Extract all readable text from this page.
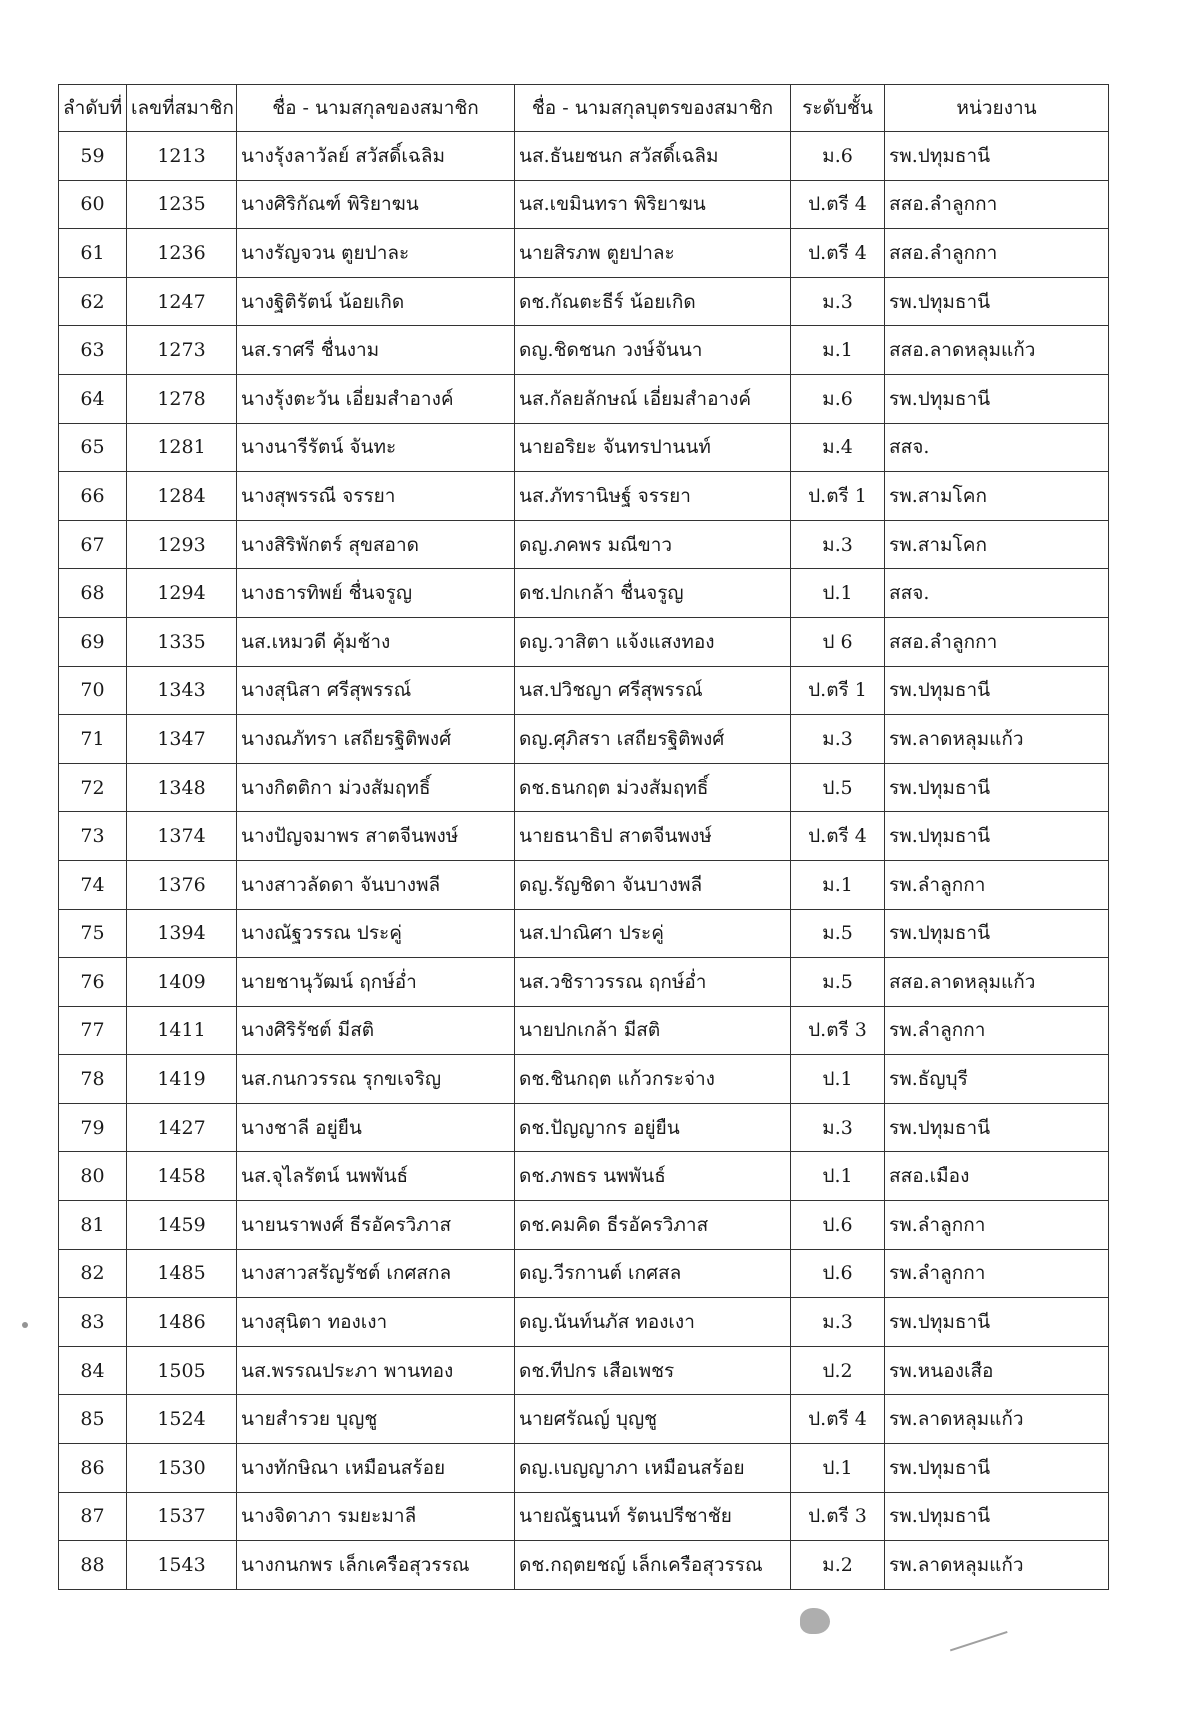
ลำดับที่	เลขที่สมาชิก	ชื่อ - นามสกุลของสมาชิก	ชื่อ - นามสกุลบุตรของสมาชิก	ระดับชั้น	หน่วยงาน
59	1213	นางรุ้งลาวัลย์ สวัสดิ์เฉลิม	นส.ธันยชนก สวัสดิ์เฉลิม	ม.6	รพ.ปทุมธานี
60	1235	นางศิริกัณฑ์ พิริยาฆน	นส.เขมินทรา พิริยาฆน	ป.ตรี 4	สสอ.ลำลูกกา
61	1236	นางรัญจวน ตูยปาละ	นายสิรภพ ตูยปาละ	ป.ตรี 4	สสอ.ลำลูกกา
62	1247	นางฐิติรัตน์ น้อยเกิด	ดช.กัณตะธีร์ น้อยเกิด	ม.3	รพ.ปทุมธานี
63	1273	นส.ราศรี ชื่นงาม	ดญ.ชิดชนก วงษ์จันนา	ม.1	สสอ.ลาดหลุมแก้ว
64	1278	นางรุ้งตะวัน เอี่ยมสำอางค์	นส.กัลยลักษณ์ เอี่ยมสำอางค์	ม.6	รพ.ปทุมธานี
65	1281	นางนารีรัตน์ จันทะ	นายอริยะ จันทรปานนท์	ม.4	สสจ.
66	1284	นางสุพรรณี จรรยา	นส.ภัทรานิษฐ์ จรรยา	ป.ตรี 1	รพ.สามโคก
67	1293	นางสิริพักตร์ สุขสอาด	ดญ.ภคพร มณีขาว	ม.3	รพ.สามโคก
68	1294	นางธารทิพย์ ชื่นจรูญ	ดช.ปกเกล้า ชื่นจรูญ	ป.1	สสจ.
69	1335	นส.เหมวดี คุ้มช้าง	ดญ.วาสิตา แจ้งแสงทอง	ป 6	สสอ.ลำลูกกา
70	1343	นางสุนิสา ศรีสุพรรณ์	นส.ปวิชญา ศรีสุพรรณ์	ป.ตรี 1	รพ.ปทุมธานี
71	1347	นางณภัทรา เสถียรฐิติพงศ์	ดญ.ศุภิสรา เสถียรฐิติพงศ์	ม.3	รพ.ลาดหลุมแก้ว
72	1348	นางกิตติกา ม่วงสัมฤทธิ์	ดช.ธนกฤต ม่วงสัมฤทธิ์	ป.5	รพ.ปทุมธานี
73	1374	นางปัญจมาพร สาตจีนพงษ์	นายธนาธิป สาตจีนพงษ์	ป.ตรี 4	รพ.ปทุมธานี
74	1376	นางสาวลัดดา จันบางพลี	ดญ.รัญชิดา จันบางพลี	ม.1	รพ.ลำลูกกา
75	1394	นางณัฐวรรณ ประคู่	นส.ปาณิศา ประคู่	ม.5	รพ.ปทุมธานี
76	1409	นายชานุวัฒน์ ฤกษ์อ่ำ	นส.วชิราวรรณ ฤกษ์อ่ำ	ม.5	สสอ.ลาดหลุมแก้ว
77	1411	นางศิริรัชต์ มีสติ	นายปกเกล้า มีสติ	ป.ตรี 3	รพ.ลำลูกกา
78	1419	นส.กนกวรรณ รุกขเจริญ	ดช.ชินกฤต แก้วกระจ่าง	ป.1	รพ.ธัญบุรี
79	1427	นางชาลี อยู่ยืน	ดช.ปัญญากร อยู่ยืน	ม.3	รพ.ปทุมธานี
80	1458	นส.จุไลรัตน์ นพพันธ์	ดช.ภพธร นพพันธ์	ป.1	สสอ.เมือง
81	1459	นายนราพงศ์ ธีรอัครวิภาส	ดช.คมคิด ธีรอัครวิภาส	ป.6	รพ.ลำลูกกา
82	1485	นางสาวสรัญรัชต์ เกศสกล	ดญ.วีรกานต์ เกศสล	ป.6	รพ.ลำลูกกา
83	1486	นางสุนิตา ทองเงา	ดญ.นันท์นภัส ทองเงา	ม.3	รพ.ปทุมธานี
84	1505	นส.พรรณประภา พานทอง	ดช.ทีปกร เสือเพชร	ป.2	รพ.หนองเสือ
85	1524	นายสำรวย บุญชู	นายศรัณญ์ บุญชู	ป.ตรี 4	รพ.ลาดหลุมแก้ว
86	1530	นางทักษิณา เหมือนสร้อย	ดญ.เบญญาภา เหมือนสร้อย	ป.1	รพ.ปทุมธานี
87	1537	นางจิดาภา รมยะมาลี	นายณัฐนนท์ รัตนปรีชาชัย	ป.ตรี 3	รพ.ปทุมธานี
88	1543	นางกนกพร เล็กเครือสุวรรณ	ดช.กฤตยชญ์ เล็กเครือสุวรรณ	ม.2	รพ.ลาดหลุมแก้ว
